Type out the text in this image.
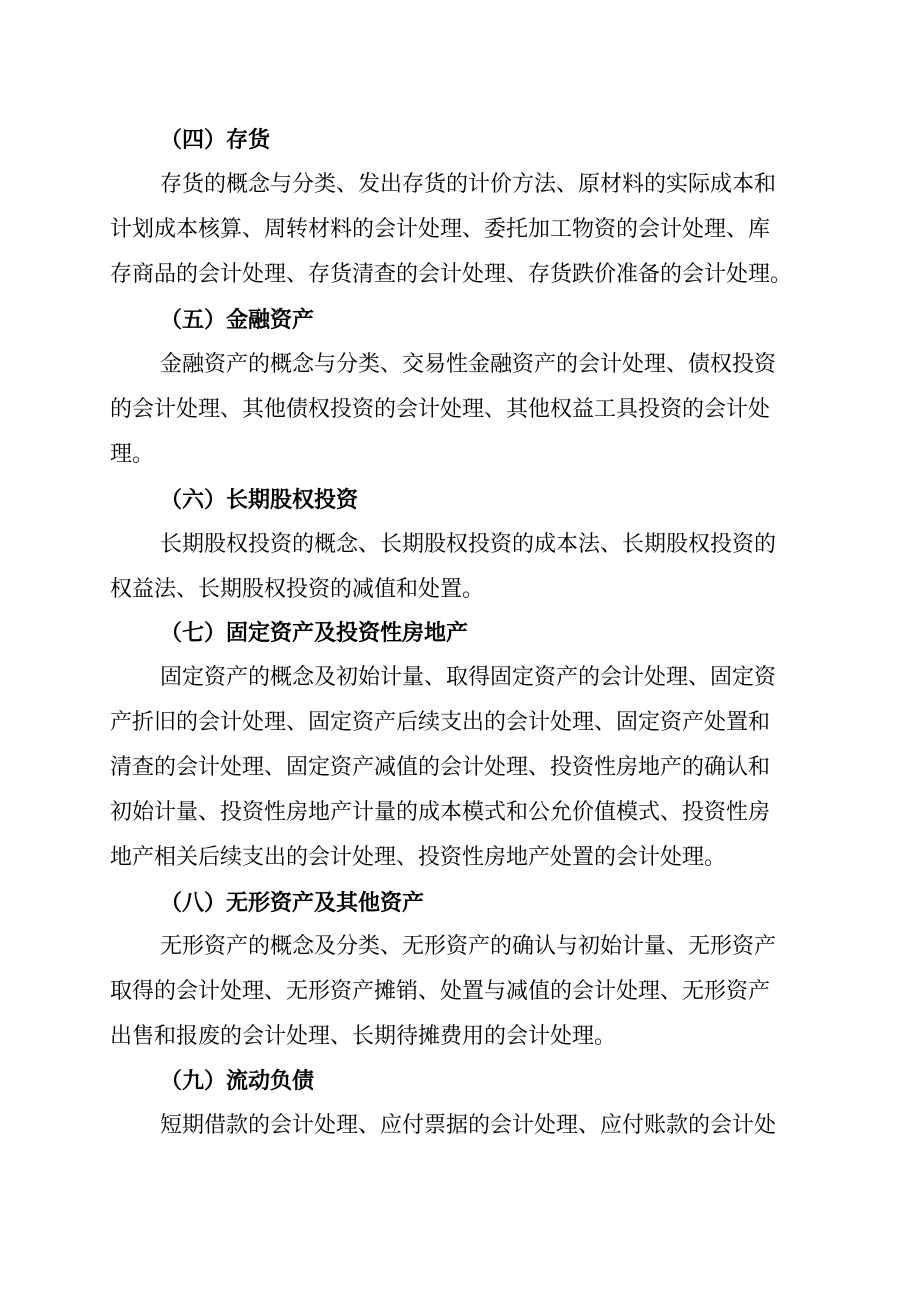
（四）存货
存货的概念与分类、发出存货的计价方法、原材料的实际成本和
计划成本核算、周转材料的会计处理、委托加工物资的会计处理、库
存商品的会计处理、存货清查的会计处理、存货跌价准备的会计处理。
（五）金融资产
金融资产的概念与分类、交易性金融资产的会计处理、债权投资
的会计处理、其他债权投资的会计处理、其他权益工具投资的会计处
理。
（六）长期股权投资
长期股权投资的概念、长期股权投资的成本法、长期股权投资的
权益法、长期股权投资的减值和处置。
（七）固定资产及投资性房地产
固定资产的概念及初始计量、取得固定资产的会计处理、固定资
产折旧的会计处理、固定资产后续支出的会计处理、固定资产处置和
清查的会计处理、固定资产减值的会计处理、投资性房地产的确认和
初始计量、投资性房地产计量的成本模式和公允价值模式、投资性房
地产相关后续支出的会计处理、投资性房地产处置的会计处理。
（八）无形资产及其他资产
无形资产的概念及分类、无形资产的确认与初始计量、无形资产
取得的会计处理、无形资产摊销、处置与减值的会计处理、无形资产
出售和报废的会计处理、长期待摊费用的会计处理。
（九）流动负债
短期借款的会计处理、应付票据的会计处理、应付账款的会计处
